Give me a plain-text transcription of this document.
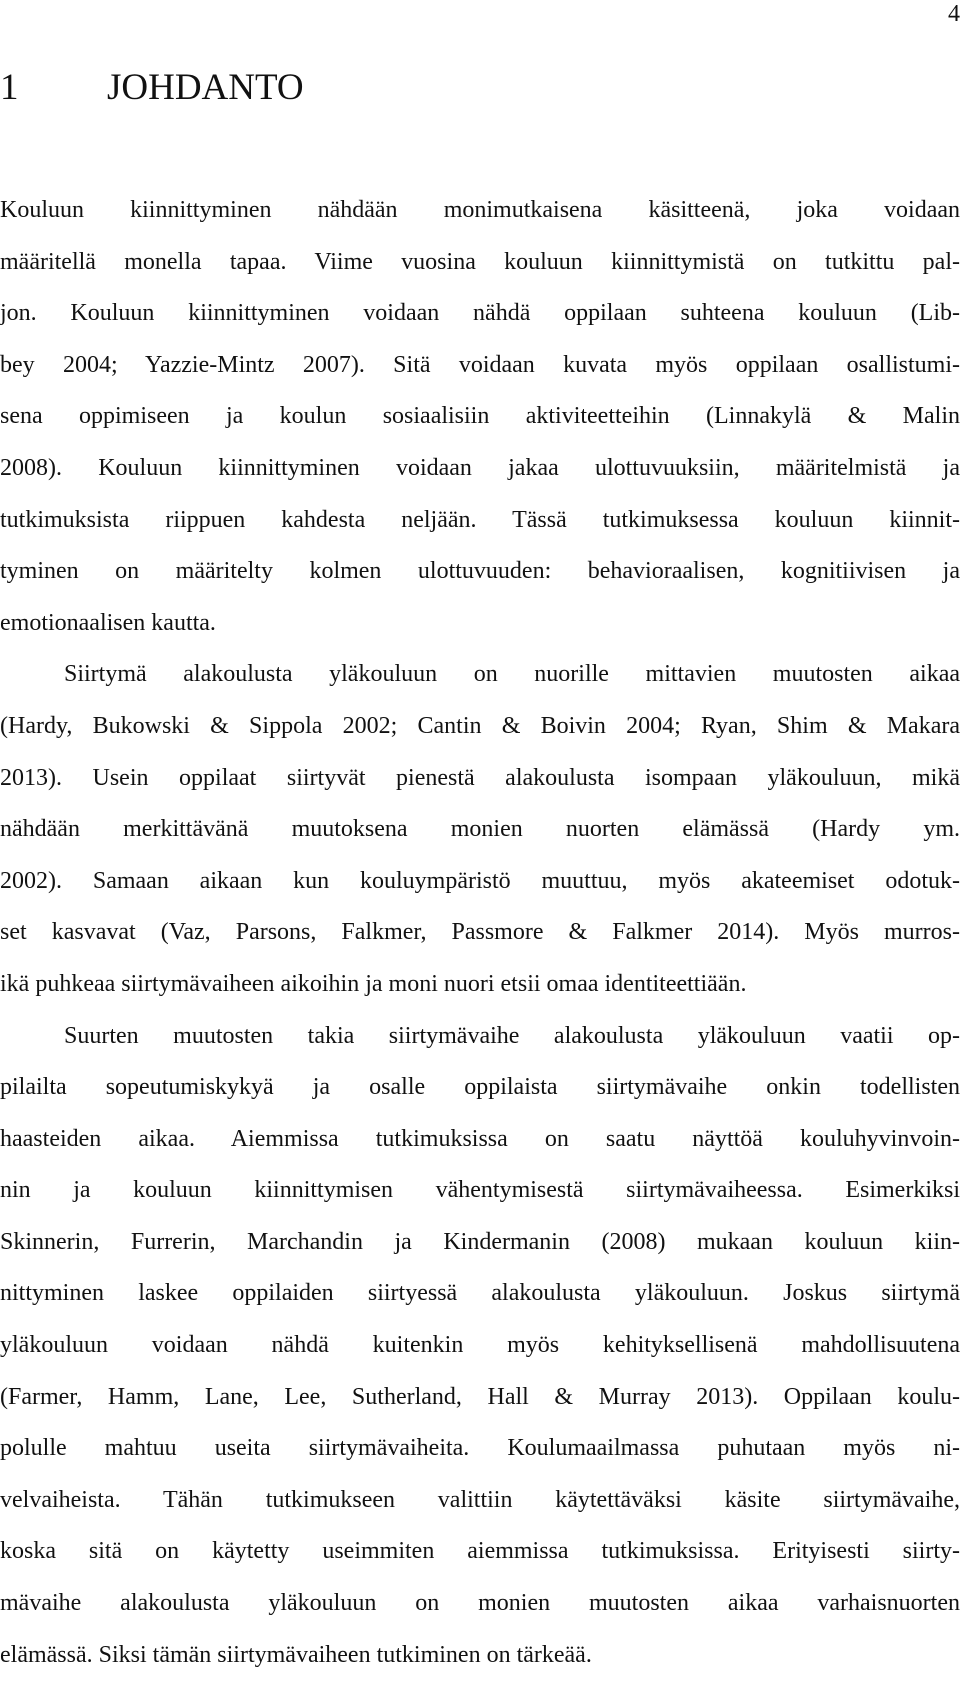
4
1 JOHDANTO
Kouluun kiinnittyminen nähdään monimutkaisena käsitteenä, joka voidaan
määritellä monella tapaa. Viime vuosina kouluun kiinnittymistä on tutkittu pal-
jon. Kouluun kiinnittyminen voidaan nähdä oppilaan suhteena kouluun (Lib-
bey 2004; Yazzie-Mintz 2007). Sitä voidaan kuvata myös oppilaan osallistumi-
sena oppimiseen ja koulun sosiaalisiin aktiviteetteihin (Linnakylä & Malin
2008). Kouluun kiinnittyminen voidaan jakaa ulottuvuuksiin, määritelmistä ja
tutkimuksista riippuen kahdesta neljään. Tässä tutkimuksessa kouluun kiinnit-
tyminen on määritelty kolmen ulottuvuuden: behavioraalisen, kognitiivisen ja
emotionaalisen kautta.
Siirtymä alakoulusta yläkouluun on nuorille mittavien muutosten aikaa
(Hardy, Bukowski & Sippola 2002; Cantin & Boivin 2004; Ryan, Shim & Makara
2013). Usein oppilaat siirtyvät pienestä alakoulusta isompaan yläkouluun, mikä
nähdään merkittävänä muutoksena monien nuorten elämässä (Hardy ym.
2002). Samaan aikaan kun kouluympäristö muuttuu, myös akateemiset odotuk-
set kasvavat (Vaz, Parsons, Falkmer, Passmore & Falkmer 2014). Myös murros-
ikä puhkeaa siirtymävaiheen aikoihin ja moni nuori etsii omaa identiteettiään.
Suurten muutosten takia siirtymävaihe alakoulusta yläkouluun vaatii op-
pilailta sopeutumiskykyä ja osalle oppilaista siirtymävaihe onkin todellisten
haasteiden aikaa. Aiemmissa tutkimuksissa on saatu näyttöä kouluhyvinvoin-
nin ja kouluun kiinnittymisen vähentymisestä siirtymävaiheessa. Esimerkiksi
Skinnerin, Furrerin, Marchandin ja Kindermanin (2008) mukaan kouluun kiin-
nittyminen laskee oppilaiden siirtyessä alakoulusta yläkouluun. Joskus siirtymä
yläkouluun voidaan nähdä kuitenkin myös kehityksellisenä mahdollisuutena
(Farmer, Hamm, Lane, Lee, Sutherland, Hall & Murray 2013). Oppilaan koulu-
polulle mahtuu useita siirtymävaiheita. Koulumaailmassa puhutaan myös ni-
velvaiheista. Tähän tutkimukseen valittiin käytettäväksi käsite siirtymävaihe,
koska sitä on käytetty useimmiten aiemmissa tutkimuksissa. Erityisesti siirty-
mävaihe alakoulusta yläkouluun on monien muutosten aikaa varhaisnuorten
elämässä. Siksi tämän siirtymävaiheen tutkiminen on tärkeää.
